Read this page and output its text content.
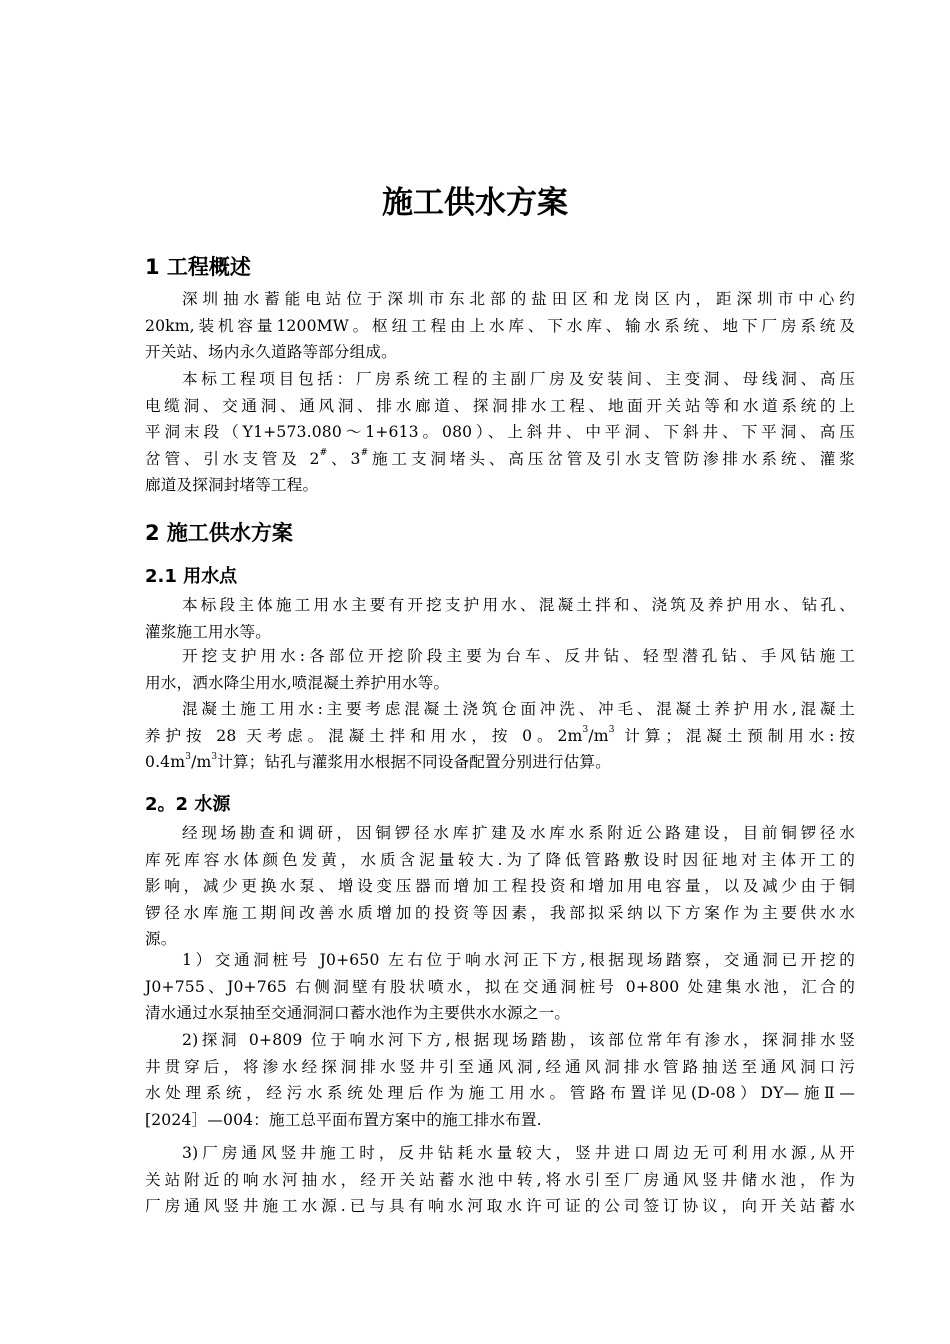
施工供水方案
1 工程概述

深圳抽水蓄能电站位于深圳市东北部的盐田区和龙岗区内，距深圳市中心约
20km,装机容量1200MW。枢纽工程由上水库、下水库、输水系统、地下厂房系统及
开关站、场内永久道路等部分组成。

本标工程项目包括：厂房系统工程的主副厂房及安装间、主变洞、母线洞、高压
电缆洞、交通洞、通风洞、排水廊道、探洞排水工程、地面开关站等和水道系统的上
平洞末段（Y1+573.080～1+613。080）、上斜井、中平洞、下斜井、下平洞、高压
岔管、引水支管及 2#、3#施工支洞堵头、高压岔管及引水支管防渗排水系统、灌浆
廊道及探洞封堵等工程。

2 施工供水方案
2.1 用水点

本标段主体施工用水主要有开挖支护用水、混凝土拌和、浇筑及养护用水、钻孔、
灌浆施工用水等。

开挖支护用水:各部位开挖阶段主要为台车、反井钻、轻型潜孔钻、手风钻施工
用水，洒水降尘用水,喷混凝土养护用水等。

混凝土施工用水:主要考虑混凝土浇筑仓面冲洗、冲毛、混凝土养护用水,混凝土
养护按 28 天考虑。混凝土拌和用水，按 0。$2m^3/m^3$ 计算；混凝土预制用水:按
$0.4m^3/m^3$计算；钻孔与灌浆用水根据不同设备配置分别进行估算。

2。2 水源

经现场勘查和调研，因铜锣径水库扩建及水库水系附近公路建设，目前铜锣径水
库死库容水体颜色发黄，水质含泥量较大.为了降低管路敷设时因征地对主体开工的
影响，减少更换水泵、增设变压器而增加工程投资和增加用电容量，以及减少由于铜
锣径水库施工期间改善水质增加的投资等因素，我部拟采纳以下方案作为主要供水水
源。

1）交通洞桩号 J0+650 左右位于响水河正下方,根据现场踏察，交通洞已开挖的
J0+755、J0+765 右侧洞壁有股状喷水，拟在交通洞桩号 0+800 处建集水池，汇合的
清水通过水泵抽至交通洞洞口蓄水池作为主要供水水源之一。

2)探洞 0+809 位于响水河下方,根据现场踏勘，该部位常年有渗水，探洞排水竖
井贯穿后，将渗水经探洞排水竖井引至通风洞,经通风洞排水管路抽送至通风洞口污
水处理系统，经污水系统处理后作为施工用水。管路布置详见(D-08）DY—施Ⅱ—
[2024］—004：施工总平面布置方案中的施工排水布置.

3)厂房通风竖井施工时，反井钻耗水量较大，竖井进口周边无可利用水源,从开
关站附近的响水河抽水，经开关站蓄水池中转,将水引至厂房通风竖井储水池，作为
厂房通风竖井施工水源.已与具有响水河取水许可证的公司签订协议，向开关站蓄水
